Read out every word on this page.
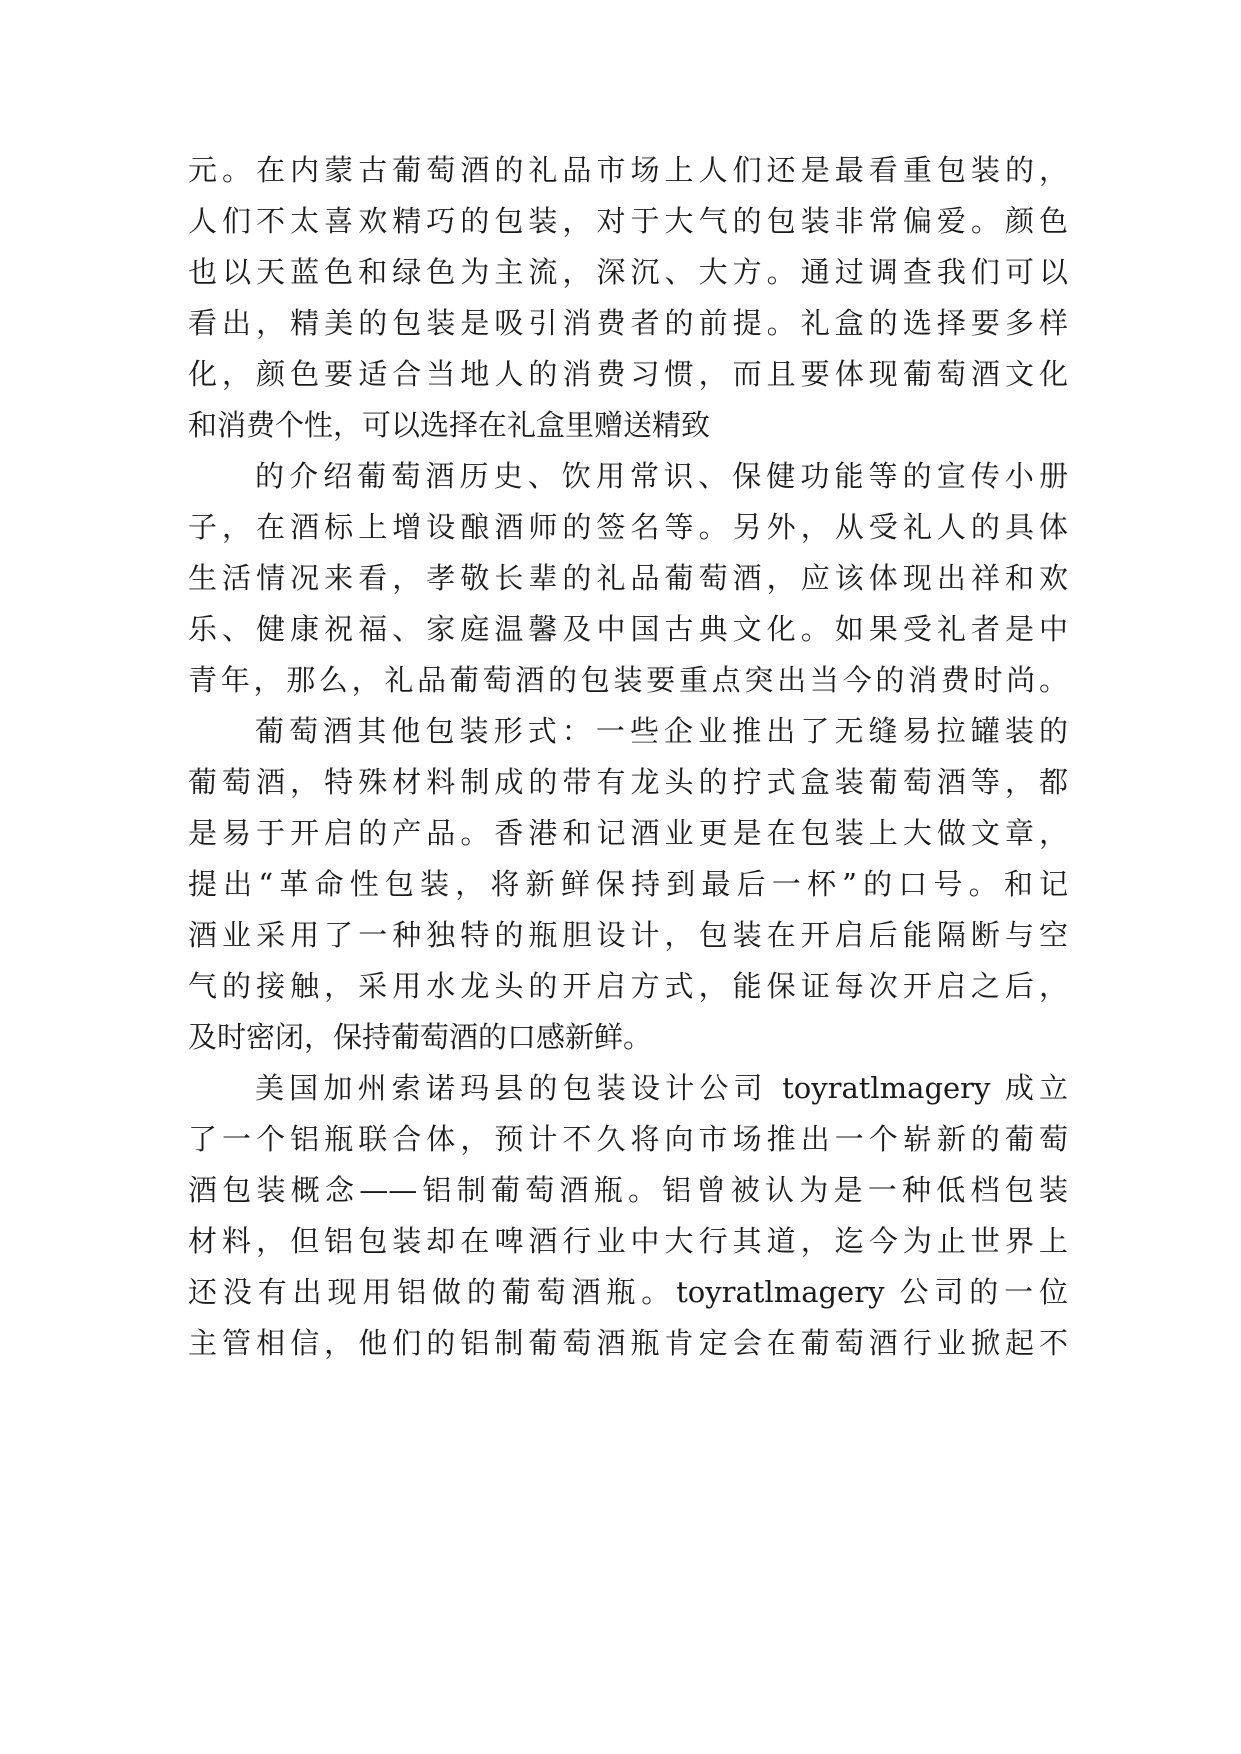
元。在内蒙古葡萄酒的礼品市场上人们还是最看重包装的，
人们不太喜欢精巧的包装，对于大气的包装非常偏爱。颜色
也以天蓝色和绿色为主流，深沉、大方。通过调查我们可以
看出，精美的包装是吸引消费者的前提。礼盒的选择要多样
化，颜色要适合当地人的消费习惯，而且要体现葡萄酒文化
和消费个性，可以选择在礼盒里赠送精致
的介绍葡萄酒历史、饮用常识、保健功能等的宣传小册
子，在酒标上增设酿酒师的签名等。另外，从受礼人的具体
生活情况来看，孝敬长辈的礼品葡萄酒，应该体现出祥和欢
乐、健康祝福、家庭温馨及中国古典文化。如果受礼者是中
青年，那么，礼品葡萄酒的包装要重点突出当今的消费时尚。
葡萄酒其他包装形式：一些企业推出了无缝易拉罐装的
葡萄酒，特殊材料制成的带有龙头的拧式盒装葡萄酒等，都
是易于开启的产品。香港和记酒业更是在包装上大做文章，
提出“革命性包装，将新鲜保持到最后一杯”的口号。和记
酒业采用了一种独特的瓶胆设计，包装在开启后能隔断与空
气的接触，采用水龙头的开启方式，能保证每次开启之后，
及时密闭，保持葡萄酒的口感新鲜。
美国加州索诺玛县的包装设计公司 toyratlmagery 成立
了一个铝瓶联合体，预计不久将向市场推出一个崭新的葡萄
酒包装概念——铝制葡萄酒瓶。铝曾被认为是一种低档包装
材料，但铝包装却在啤酒行业中大行其道，迄今为止世界上
还没有出现用铝做的葡萄酒瓶。toyratlmagery 公司的一位
主管相信，他们的铝制葡萄酒瓶肯定会在葡萄酒行业掀起不
